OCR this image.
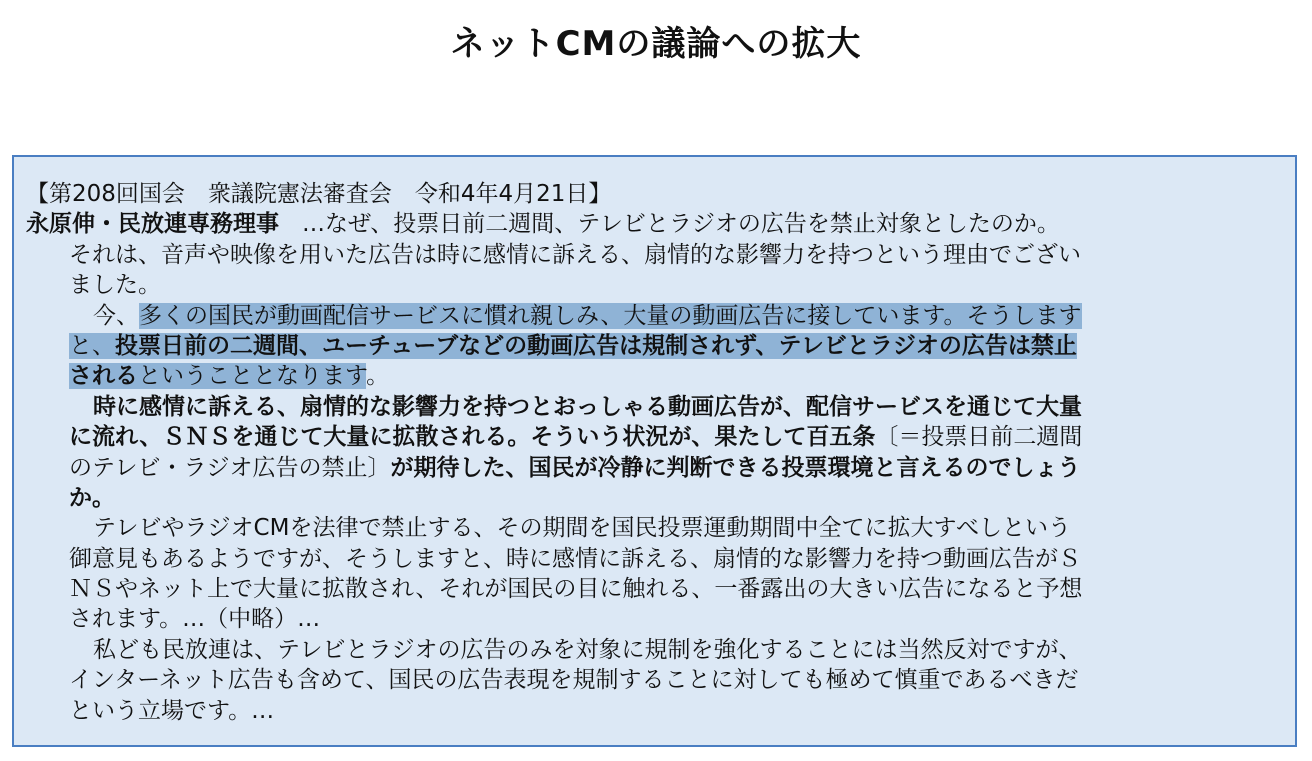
ネットCMの議論への拡大
【第208回国会　衆議院憲法審査会　令和4年4月21日】
永原伸・民放連専務理事　 …なぜ、投票日前二週間、テレビとラジオの広告を禁止対象としたのか。
それは、音声や映像を用いた広告は時に感情に訴える、扇情的な影響力を持つという理由でござい
ました。
今、多くの国民が動画配信サービスに慣れ親しみ、大量の動画広告に接しています。そうします
と、投票日前の二週間、ユーチューブなどの動画広告は規制されず、テレビとラジオの広告は禁止
されるということとなります。
時に感情に訴える、扇情的な影響力を持つとおっしゃる動画広告が、配信サービスを通じて大量
に流れ、ＳＮＳを通じて大量に拡散される。そういう状況が、果たして百五条〔＝投票日前二週間
のテレビ・ラジオ広告の禁止〕が期待した、国民が冷静に判断できる投票環境と言えるのでしょう
か。
テレビやラジオCMを法律で禁止する、その期間を国民投票運動期間中全てに拡大すべしという
御意見もあるようですが、そうしますと、時に感情に訴える、扇情的な影響力を持つ動画広告がＳ
ＮＳやネット上で大量に拡散され、それが国民の目に触れる、一番露出の大きい広告になると予想
されます。…（中略）…
私ども民放連は、テレビとラジオの広告のみを対象に規制を強化することには当然反対ですが、
インターネット広告も含めて、国民の広告表現を規制することに対しても極めて慎重であるべきだ
という立場です。…
